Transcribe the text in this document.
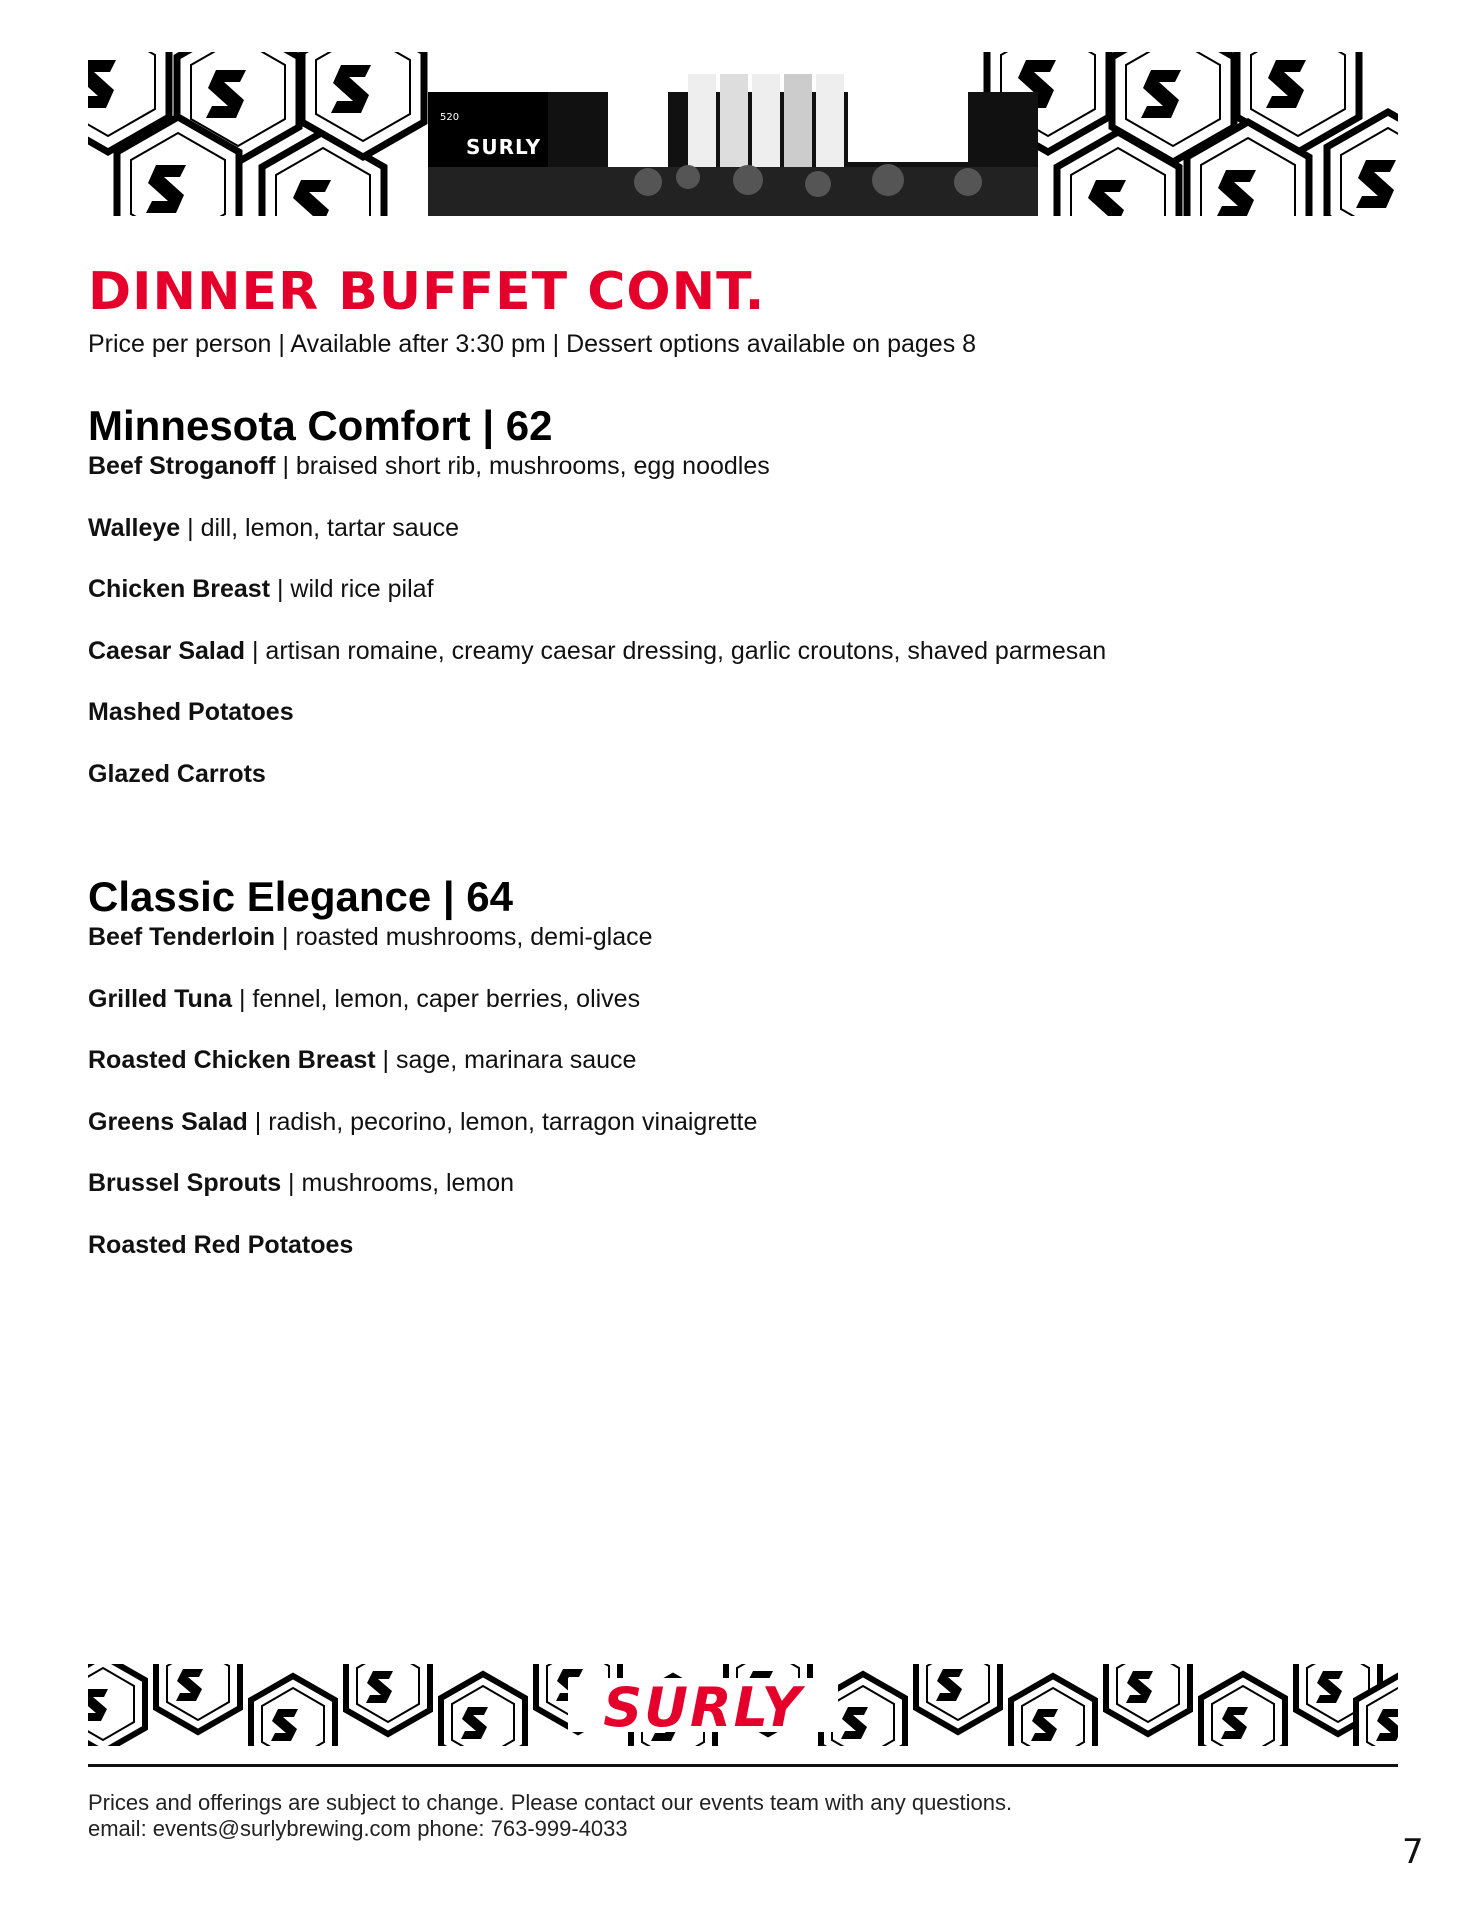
520
SURLY
DINNER BUFFET CONT.

Price per person | Available after 3:30 pm | Dessert options available on pages 8

Minnesota Comfort | 62
Beef Stroganoff | braised short rib, mushrooms, egg noodles
Walleye | dill, lemon, tartar sauce
Chicken Breast | wild rice pilaf
Caesar Salad | artisan romaine, creamy caesar dressing, garlic croutons, shaved parmesan
Mashed Potatoes
Glazed Carrots
Classic Elegance | 64
Beef Tenderloin | roasted mushrooms, demi-glace
Grilled Tuna | fennel, lemon, caper berries, olives
Roasted Chicken Breast | sage, marinara sauce
Greens Salad | radish, pecorino, lemon, tarragon vinaigrette
Brussel Sprouts | mushrooms, lemon
Roasted Red Potatoes
SURLY
Prices and offerings are subject to change. Please contact our events team with any questions.
email: events@surlybrewing.com phone: 763-999-4033
7
